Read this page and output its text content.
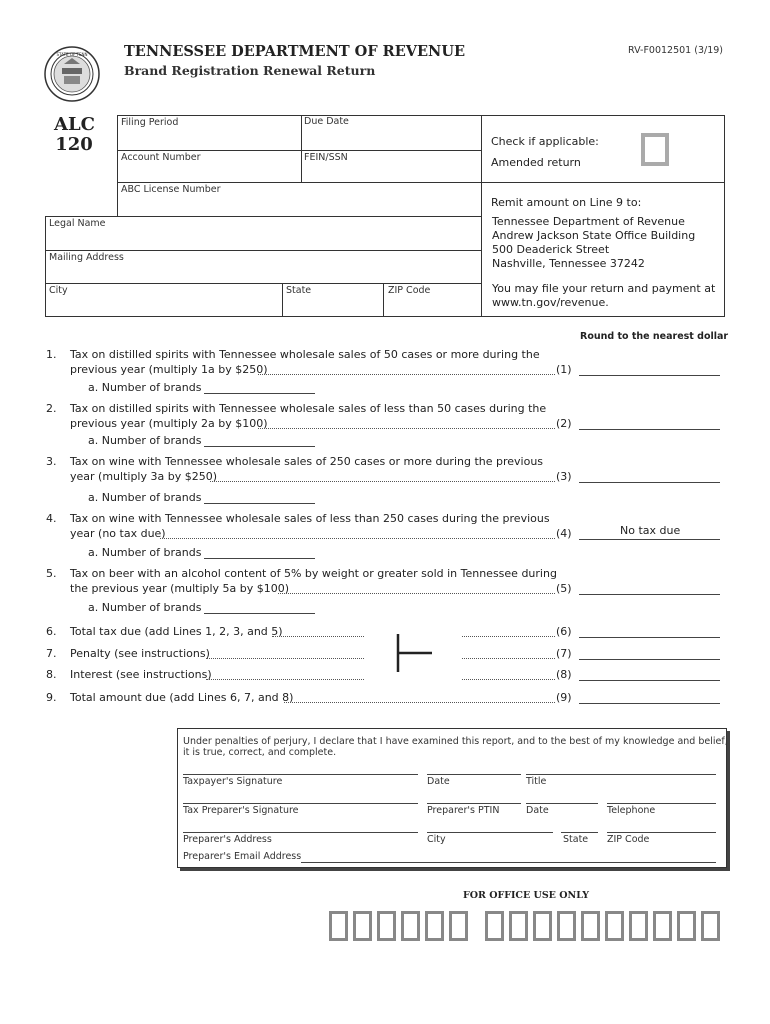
STATE OF TENN	TENNESSEE DEPARTMENT OF REVENUE
Brand Registration Renewal Return
RV-F0012501 (3/19)
ALC
120
Filing Period	Due Date
Account Number	FEIN/SSN
ABC License Number
Legal Name
Mailing Address
City	State	ZIP Code
Check if applicable:
Amended return
Remit amount on Line 9 to:
Tennessee Department of Revenue
Andrew Jackson State Office Building
500 Deaderick Street
Nashville, Tennessee 37242
You may file your return and payment at
www.tn.gov/revenue.
Round to the nearest dollar
1. Tax on distilled spirits with Tennessee wholesale sales of 50 cases or more during the
previous year (multiply 1a by $250)	(1)
a. Number of brands
2. Tax on distilled spirits with Tennessee wholesale sales of less than 50 cases during the
previous year (multiply 2a by $100)	(2)
a. Number of brands
3. Tax on wine with Tennessee wholesale sales of 250 cases or more during the previous
year (multiply 3a by $250)	(3)
a. Number of brands
4. Tax on wine with Tennessee wholesale sales of less than 250 cases during the previous
year (no tax due)	(4)	No tax due
a. Number of brands
5. Tax on beer with an alcohol content of 5% by weight or greater sold in Tennessee during
the previous year (multiply 5a by $100)	(5)
a. Number of brands
6. Total tax due (add Lines 1, 2, 3, and 5)	(6)
7. Penalty (see instructions)	(7)
8. Interest (see instructions)	(8)
9. Total amount due (add Lines 6, 7, and 8)	(9)
Under penalties of perjury, I declare that I have examined this report, and to the best of my knowledge and belief,
it is true, correct, and complete.
Taxpayer's Signature	Date	Title
Tax Preparer's Signature	Preparer's PTIN	Date	Telephone
Preparer's Address	City	State ZIP Code
Preparer's Email Address
FOR OFFICE USE ONLY
